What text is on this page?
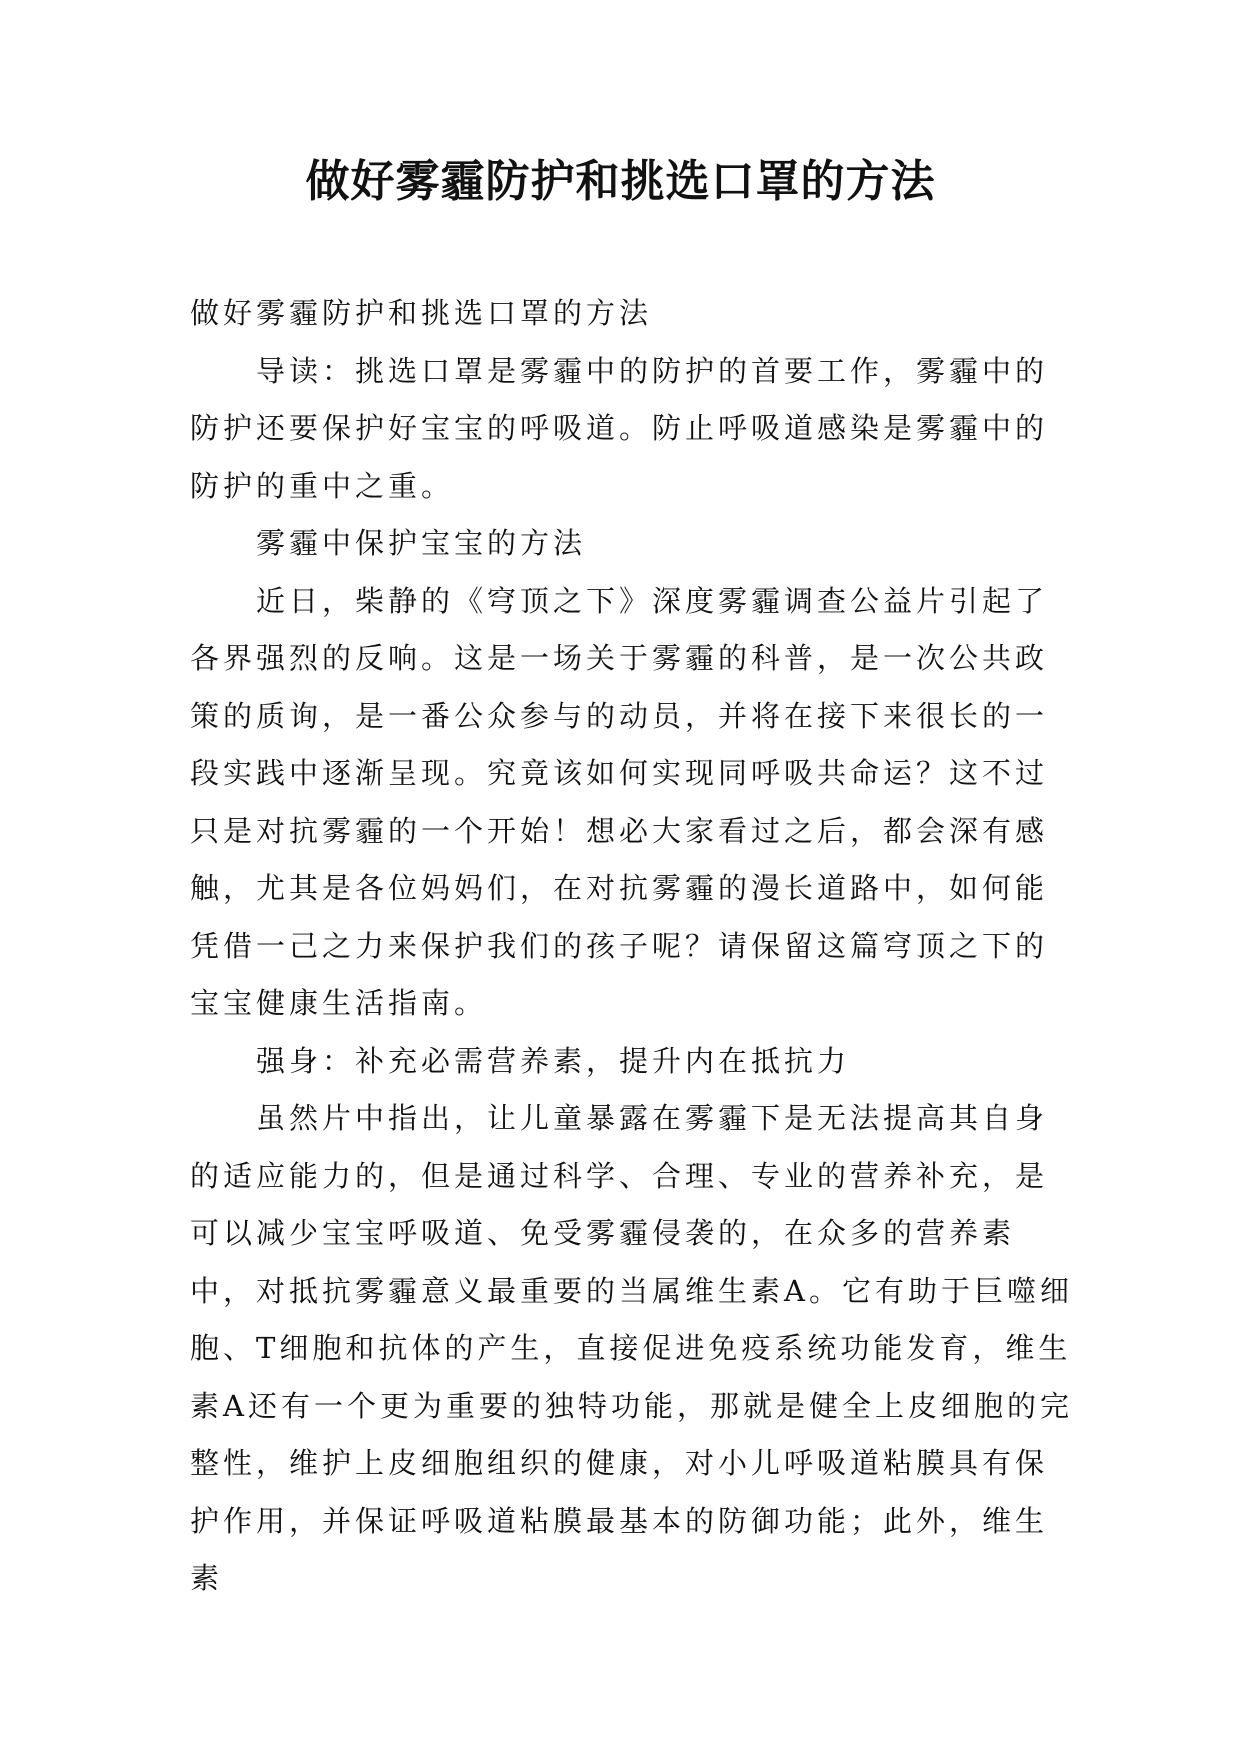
做好雾霾防护和挑选口罩的方法

做好雾霾防护和挑选口罩的方法

导读：挑选口罩是雾霾中的防护的首要工作，雾霾中的防护还要保护好宝宝的呼吸道。防止呼吸道感染是雾霾中的防护的重中之重。

雾霾中保护宝宝的方法

近日，柴静的《穹顶之下》深度雾霾调查公益片引起了各界强烈的反响。这是一场关于雾霾的科普，是一次公共政策的质询，是一番公众参与的动员，并将在接下来很长的一段实践中逐渐呈现。究竟该如何实现同呼吸共命运？这不过只是对抗雾霾的一个开始！想必大家看过之后，都会深有感触，尤其是各位妈妈们，在对抗雾霾的漫长道路中，如何能凭借一己之力来保护我们的孩子呢？请保留这篇穹顶之下的宝宝健康生活指南。

强身：补充必需营养素，提升内在抵抗力

虽然片中指出，让儿童暴露在雾霾下是无法提高其自身的适应能力的，但是通过科学、合理、专业的营养补充，是可以减少宝宝呼吸道、免受雾霾侵袭的，在众多的营养素中，对抵抗雾霾意义最重要的当属维生素A。它有助于巨噬细胞、T细胞和抗体的产生，直接促进免疫系统功能发育，维生素A还有一个更为重要的独特功能，那就是健全上皮细胞的完整性，维护上皮细胞组织的健康，对小儿呼吸道粘膜具有保护作用，并保证呼吸道粘膜最基本的防御功能；此外，维生素
